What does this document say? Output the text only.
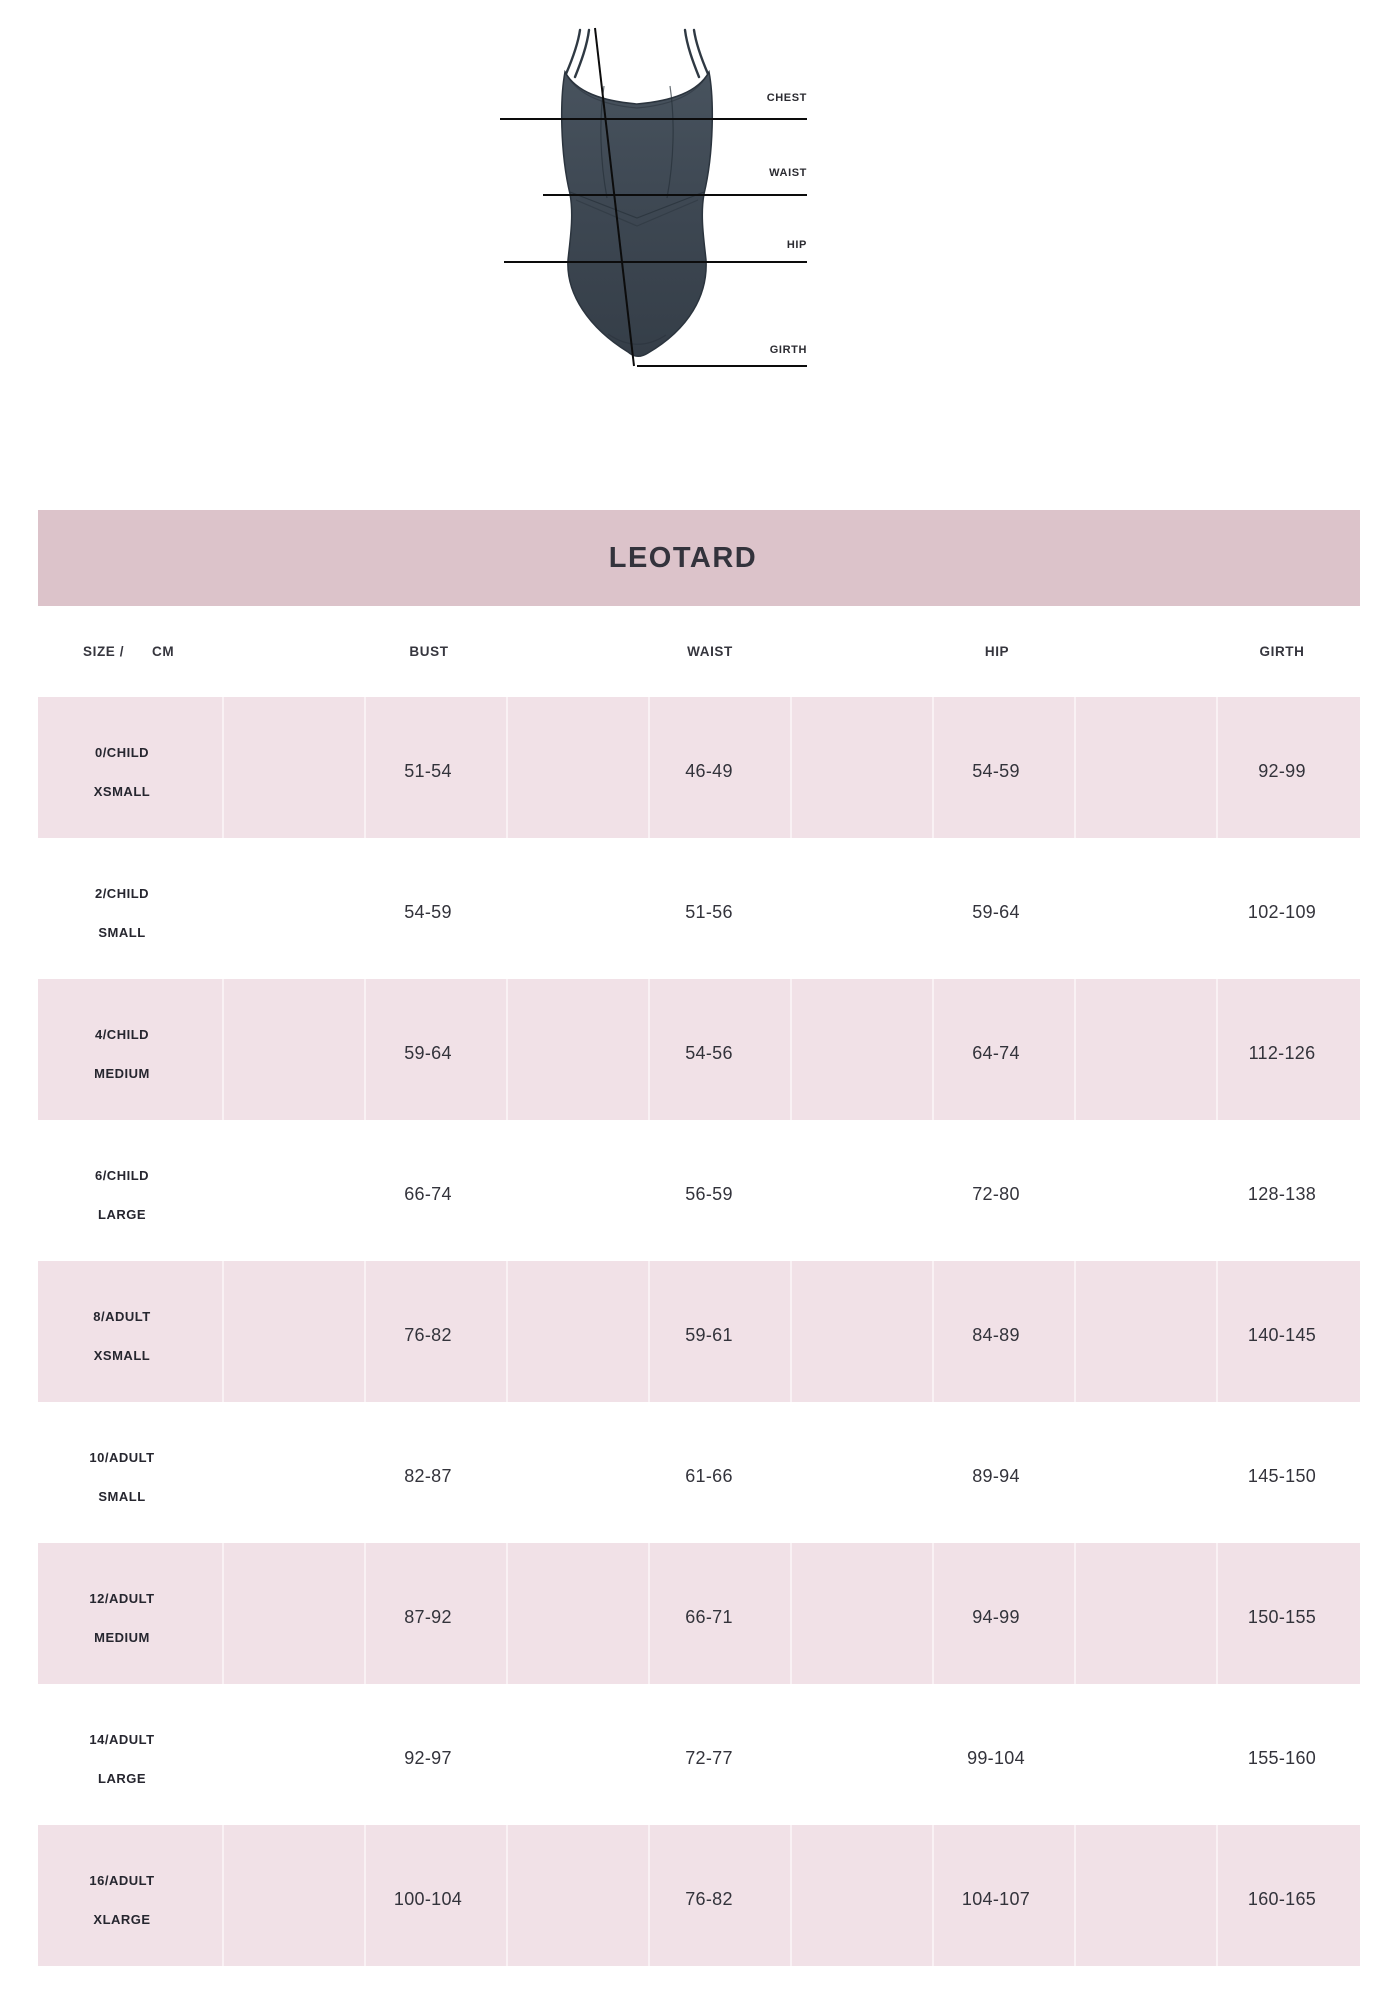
CHEST
WAIST
HIP
GIRTH
LEOTARD
SIZE / CM	BUST	WAIST	HIP	GIRTH
0/CHILD
XSMALL
51-54	46-49	54-59	92-99
2/CHILD
SMALL
54-59	51-56	59-64	102-109
4/CHILD
MEDIUM
59-64	54-56	64-74	112-126
6/CHILD
LARGE
66-74	56-59	72-80	128-138
8/ADULT
XSMALL
76-82	59-61	84-89	140-145
10/ADULT
SMALL
82-87	61-66	89-94	145-150
12/ADULT
MEDIUM
87-92	66-71	94-99	150-155
14/ADULT
LARGE
92-97	72-77	99-104	155-160
16/ADULT
XLARGE
100-104	76-82	104-107	160-165
